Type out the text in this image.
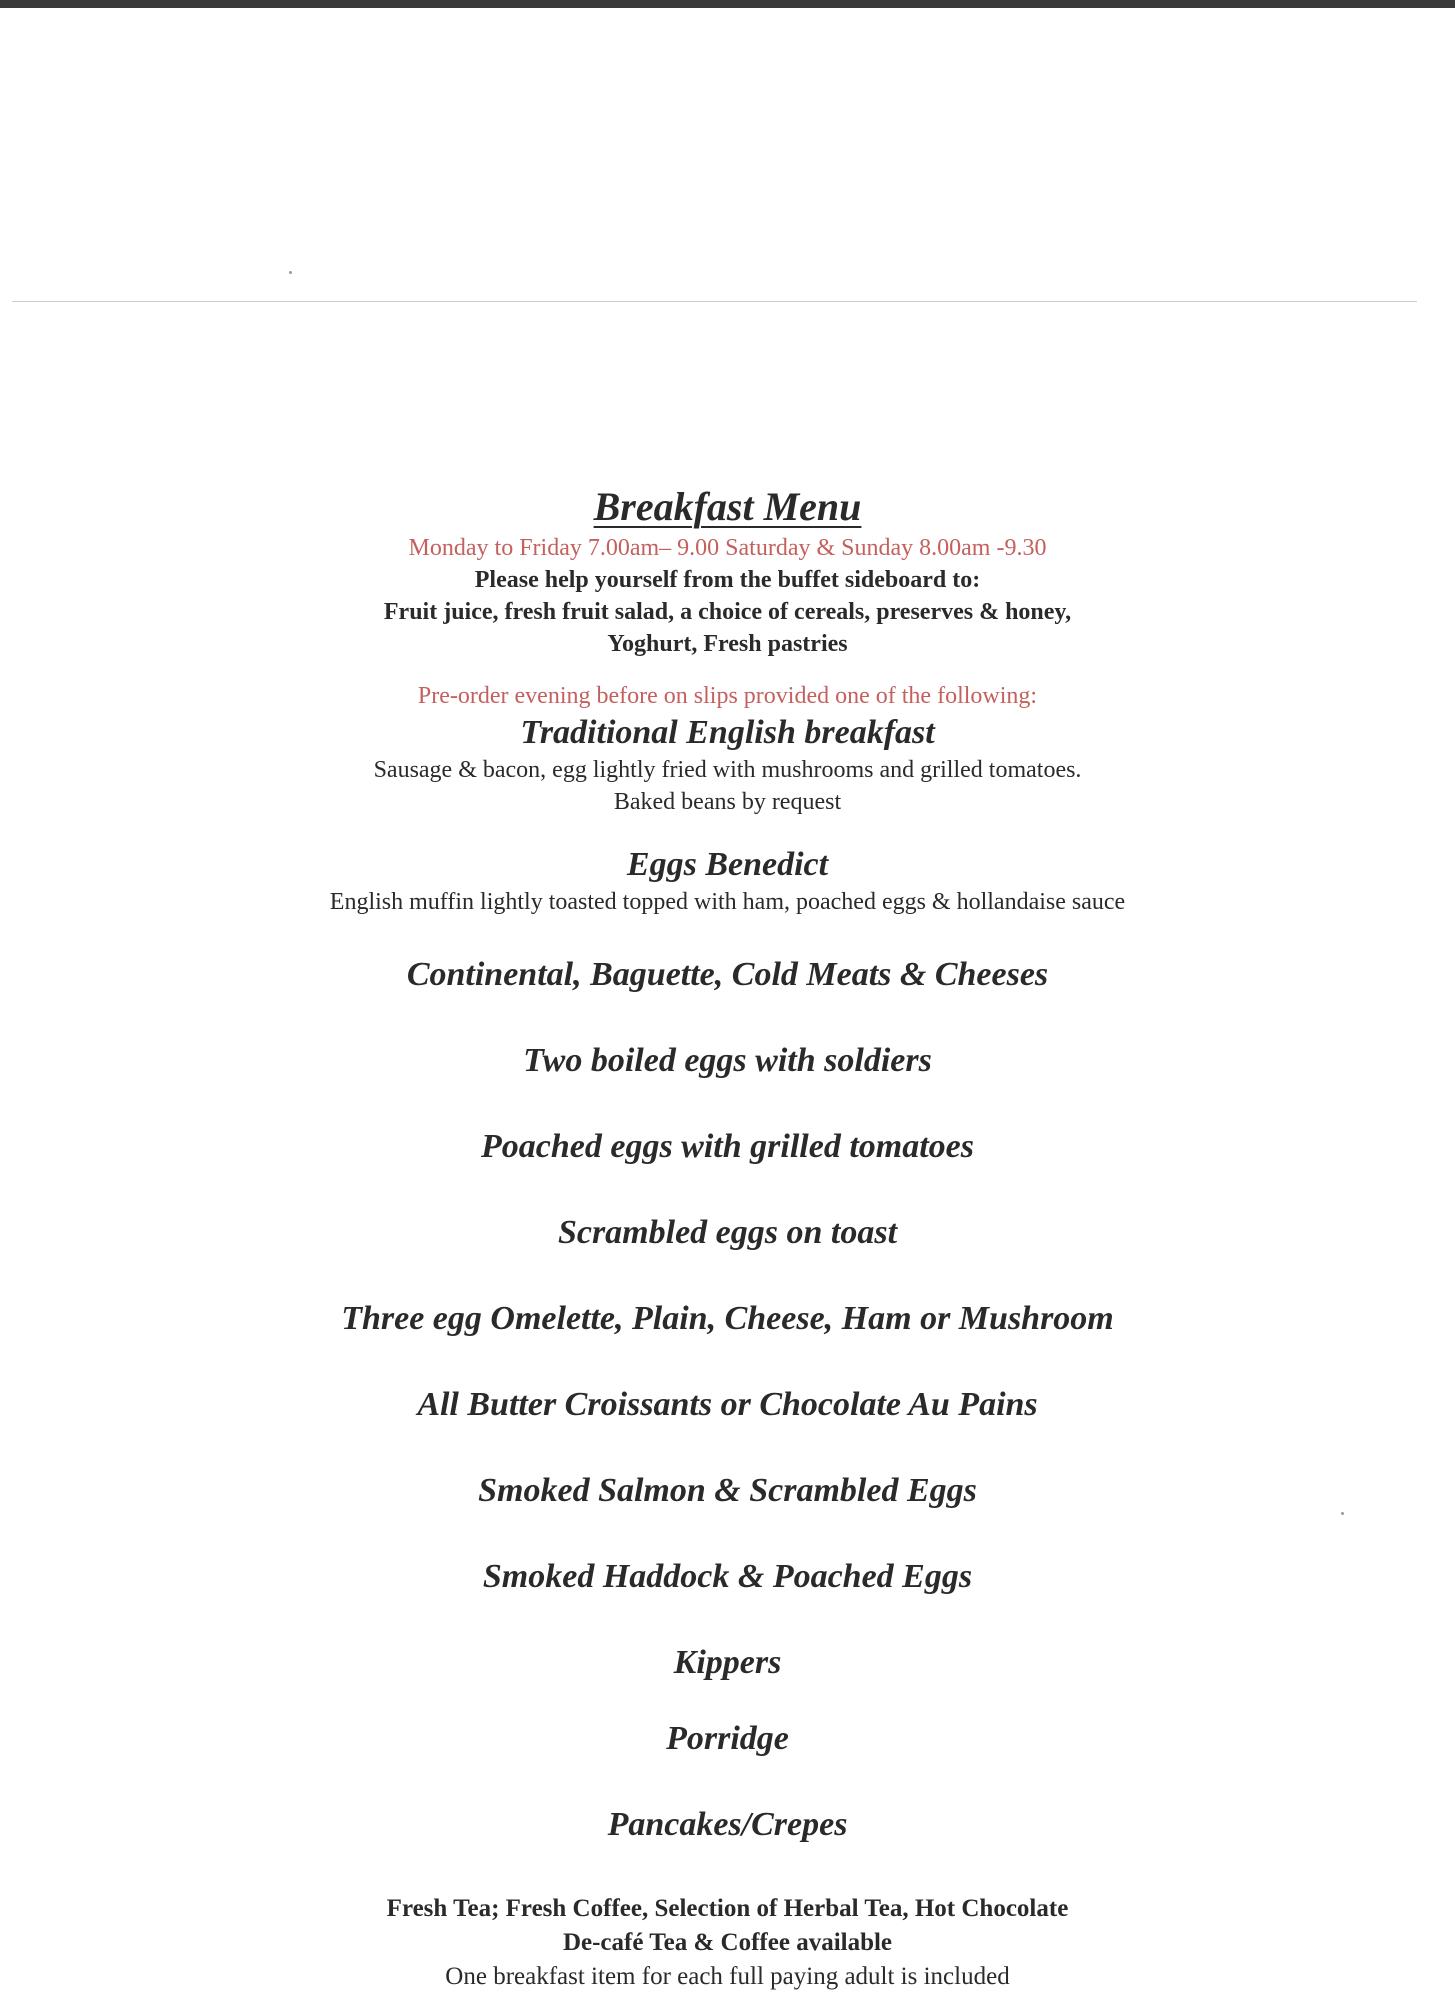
Breakfast Menu
Monday to Friday 7.00am– 9.00 Saturday & Sunday 8.00am -9.30
Please help yourself from the buffet sideboard to:
Fruit juice, fresh fruit salad, a choice of cereals, preserves & honey,
Yoghurt, Fresh pastries
Pre-order evening before on slips provided one of the following:
Traditional English breakfast
Sausage & bacon, egg lightly fried with mushrooms and grilled tomatoes.
Baked beans by request
Eggs Benedict
English muffin lightly toasted topped with ham, poached eggs & hollandaise sauce
Continental, Baguette, Cold Meats & Cheeses
Two boiled eggs with soldiers
Poached eggs with grilled tomatoes
Scrambled eggs on toast
Three egg Omelette, Plain, Cheese, Ham or Mushroom
All Butter Croissants or Chocolate Au Pains
Smoked Salmon & Scrambled Eggs
Smoked Haddock & Poached Eggs
Kippers
Porridge
Pancakes/Crepes
Fresh Tea; Fresh Coffee, Selection of Herbal Tea, Hot Chocolate
De-café Tea & Coffee available
One breakfast item for each full paying adult is included
